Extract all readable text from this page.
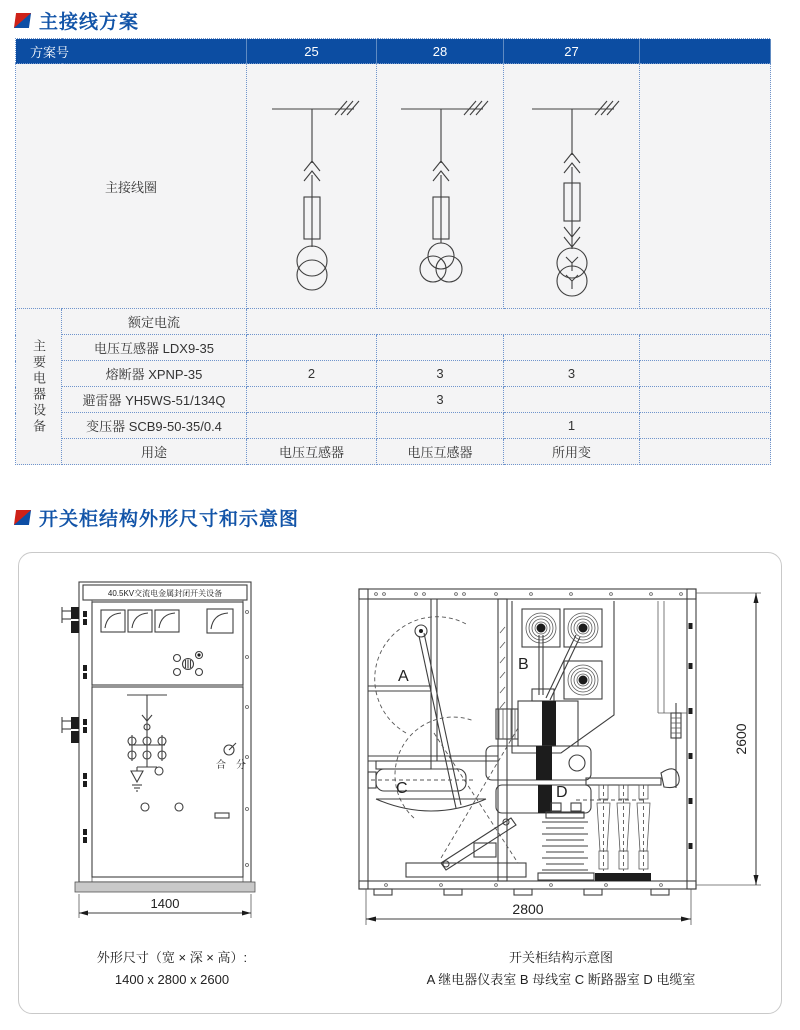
主接线方案
方案号		25	28	27	
主接线圈	

主要电器设备	额定电流				
	电压互感器 LDX9-35				
	熔断器 XPNP-35	2	3	3	
	避雷器 YH5WS-51/134Q		3		
	变压器 SCB9-50-35/0.4			1	
	用途	电压互感器	电压互感器	所用变	
开关柜结构外形尺寸和示意图
40.5KV交流电金属封闭开关设备
合 分
1400
A
B
C	D
2800
2600
外形尺寸（宽 × 深 × 高）:
1400 x 2800 x 2600
开关柜结构示意图
A 继电器仪表室 B 母线室 C 断路器室 D 电缆室
